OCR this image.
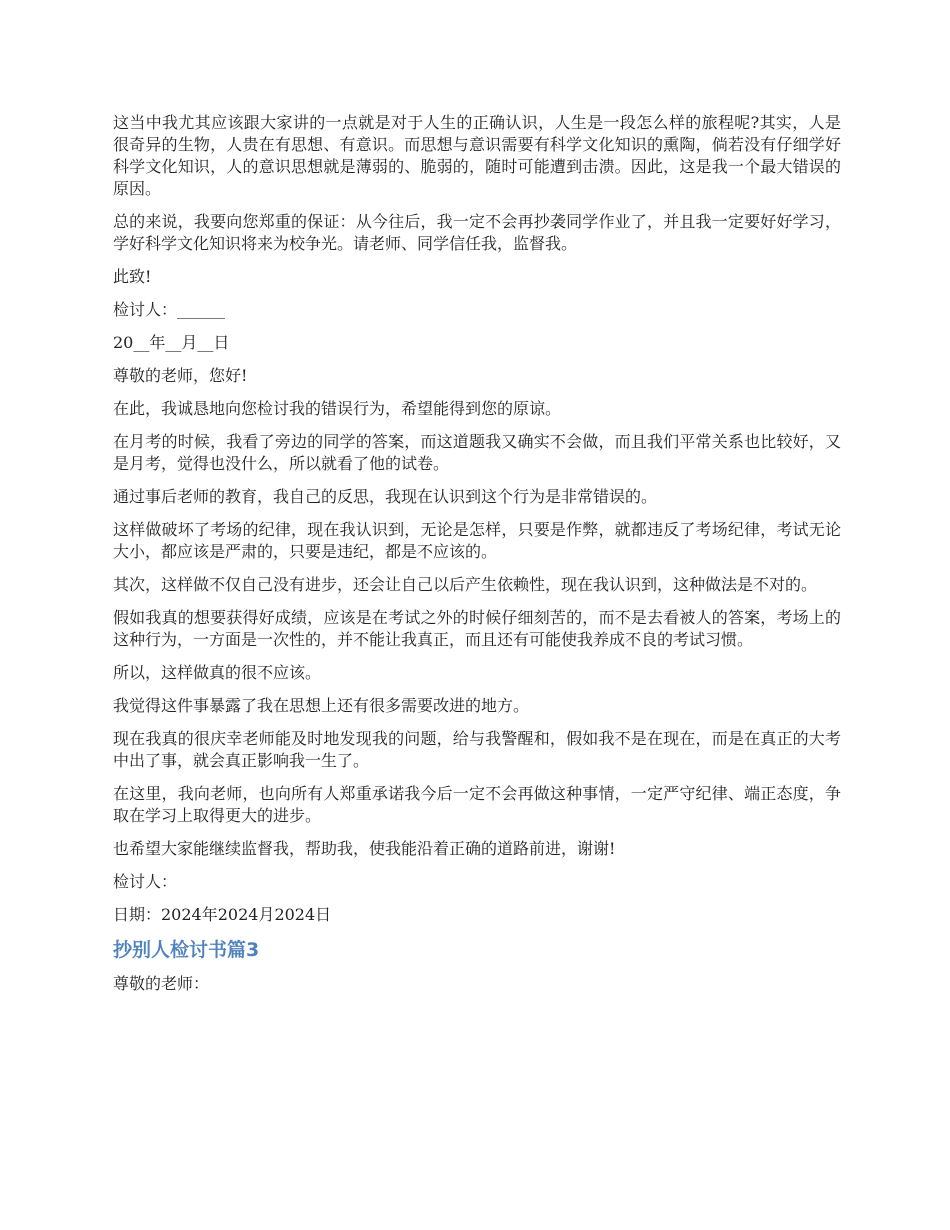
这当中我尤其应该跟大家讲的一点就是对于人生的正确认识，人生是一段怎么样的旅程呢?其实，人是很奇异的生物，人贵在有思想、有意识。而思想与意识需要有科学文化知识的熏陶，倘若没有仔细学好科学文化知识，人的意识思想就是薄弱的、脆弱的，随时可能遭到击溃。因此，这是我一个最大错误的原因。

总的来说，我要向您郑重的保证：从今往后，我一定不会再抄袭同学作业了，并且我一定要好好学习，学好科学文化知识将来为校争光。请老师、同学信任我，监督我。

此致!

检讨人：______

20__年__月__日

尊敬的老师，您好!

在此，我诚恳地向您检讨我的错误行为，希望能得到您的原谅。

在月考的时候，我看了旁边的同学的答案，而这道题我又确实不会做，而且我们平常关系也比较好，又是月考，觉得也没什么，所以就看了他的试卷。

通过事后老师的教育，我自己的反思，我现在认识到这个行为是非常错误的。

这样做破坏了考场的纪律，现在我认识到，无论是怎样，只要是作弊，就都违反了考场纪律，考试无论大小，都应该是严肃的，只要是违纪，都是不应该的。

其次，这样做不仅自己没有进步，还会让自己以后产生依赖性，现在我认识到，这种做法是不对的。

假如我真的想要获得好成绩，应该是在考试之外的时候仔细刻苦的，而不是去看被人的答案，考场上的这种行为，一方面是一次性的，并不能让我真正，而且还有可能使我养成不良的考试习惯。

所以，这样做真的很不应该。

我觉得这件事暴露了我在思想上还有很多需要改进的地方。

现在我真的很庆幸老师能及时地发现我的问题，给与我警醒和，假如我不是在现在，而是在真正的大考中出了事，就会真正影响我一生了。

在这里，我向老师，也向所有人郑重承诺我今后一定不会再做这种事情，一定严守纪律、端正态度，争取在学习上取得更大的进步。

也希望大家能继续监督我，帮助我，使我能沿着正确的道路前进，谢谢!

检讨人：

日期：2024年2024月2024日

抄别人检讨书篇3

尊敬的老师：
